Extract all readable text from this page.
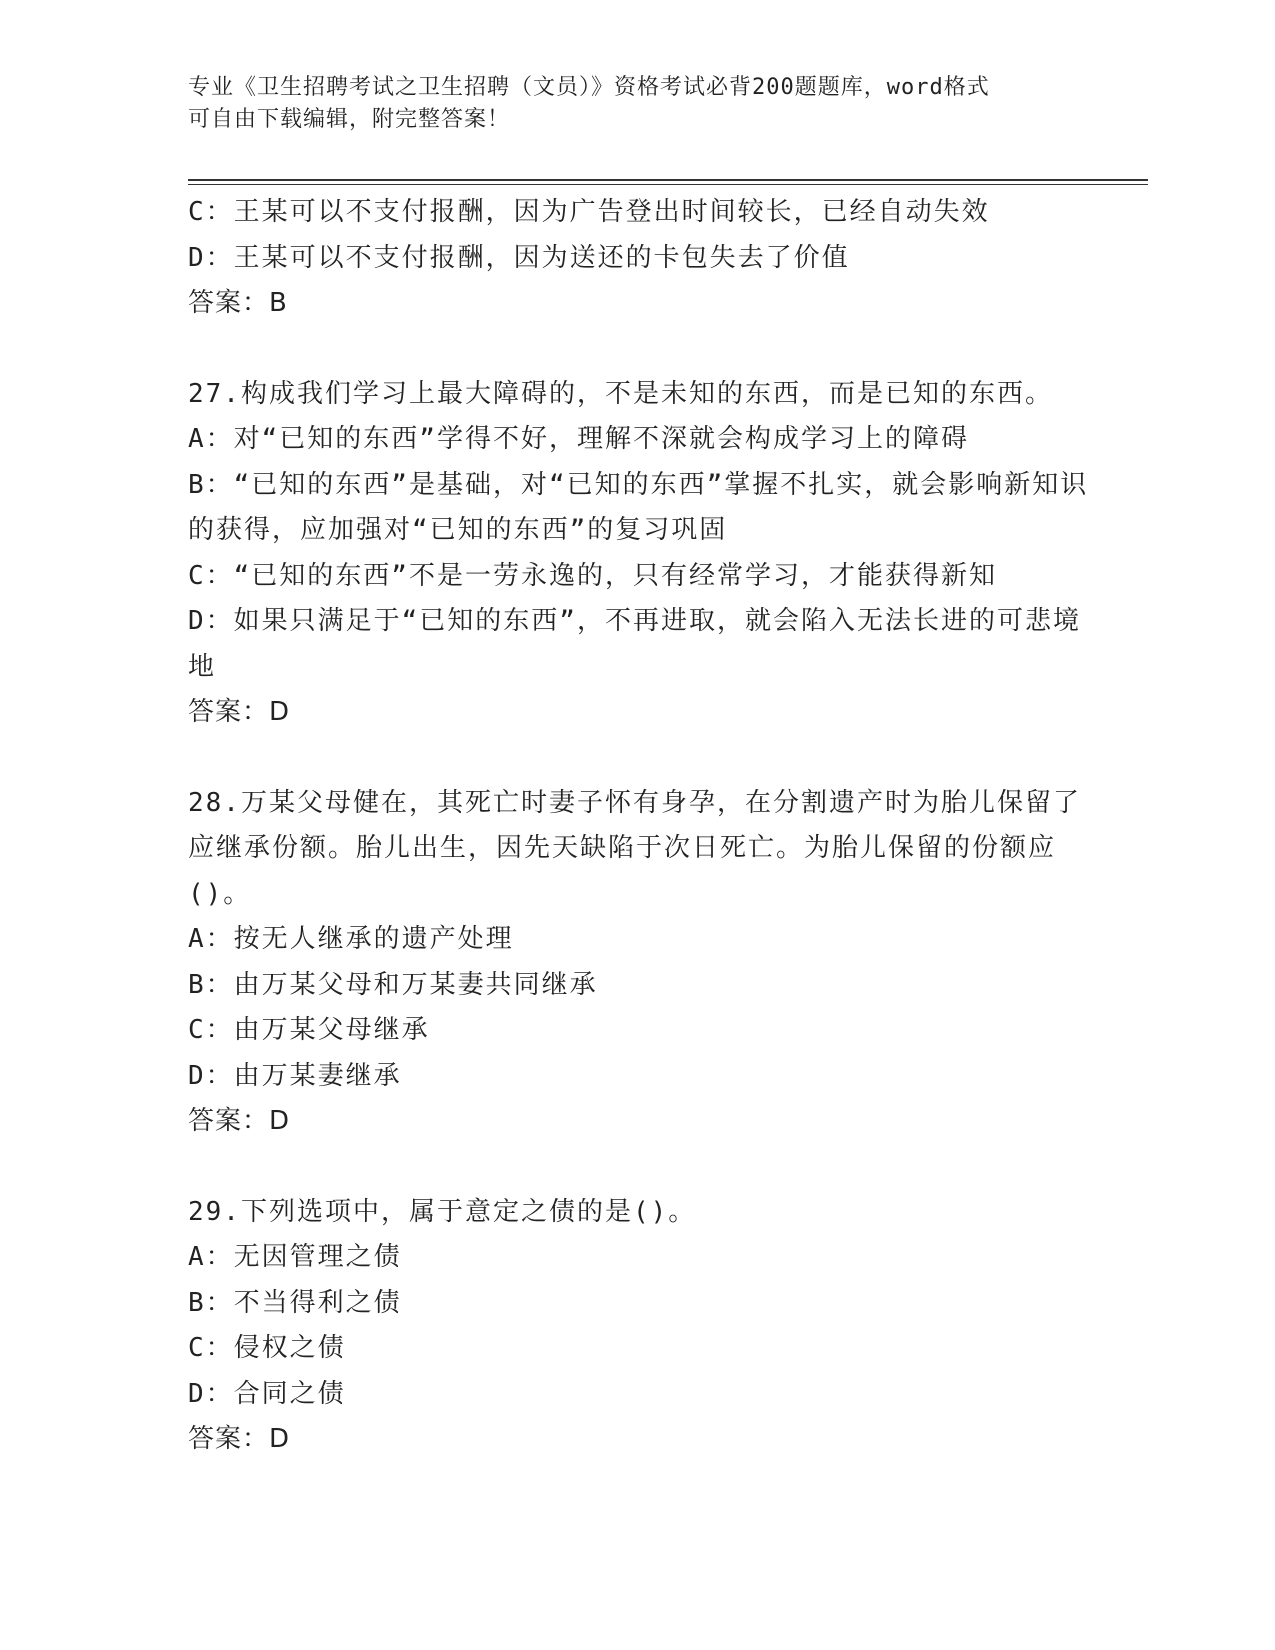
专业《卫生招聘考试之卫生招聘（文员）》资格考试必背200题题库，word格式
可自由下载编辑，附完整答案！
C：王某可以不支付报酬，因为广告登出时间较长，已经自动失效
D：王某可以不支付报酬，因为送还的卡包失去了价值
答案：B
27.构成我们学习上最大障碍的，不是未知的东西，而是已知的东西。
A：对“已知的东西”学得不好，理解不深就会构成学习上的障碍
B：“已知的东西”是基础，对“已知的东西”掌握不扎实，就会影响新知识的获得，应加强对“已知的东西”的复习巩固
C：“已知的东西”不是一劳永逸的，只有经常学习，才能获得新知
D：如果只满足于“已知的东西”，不再进取，就会陷入无法长进的可悲境地
答案：D
28.万某父母健在，其死亡时妻子怀有身孕，在分割遗产时为胎儿保留了应继承份额。胎儿出生，因先天缺陷于次日死亡。为胎儿保留的份额应()。
A：按无人继承的遗产处理
B：由万某父母和万某妻共同继承
C：由万某父母继承
D：由万某妻继承
答案：D
29.下列选项中，属于意定之债的是()。
A：无因管理之债
B：不当得利之债
C：侵权之债
D：合同之债
答案：D
